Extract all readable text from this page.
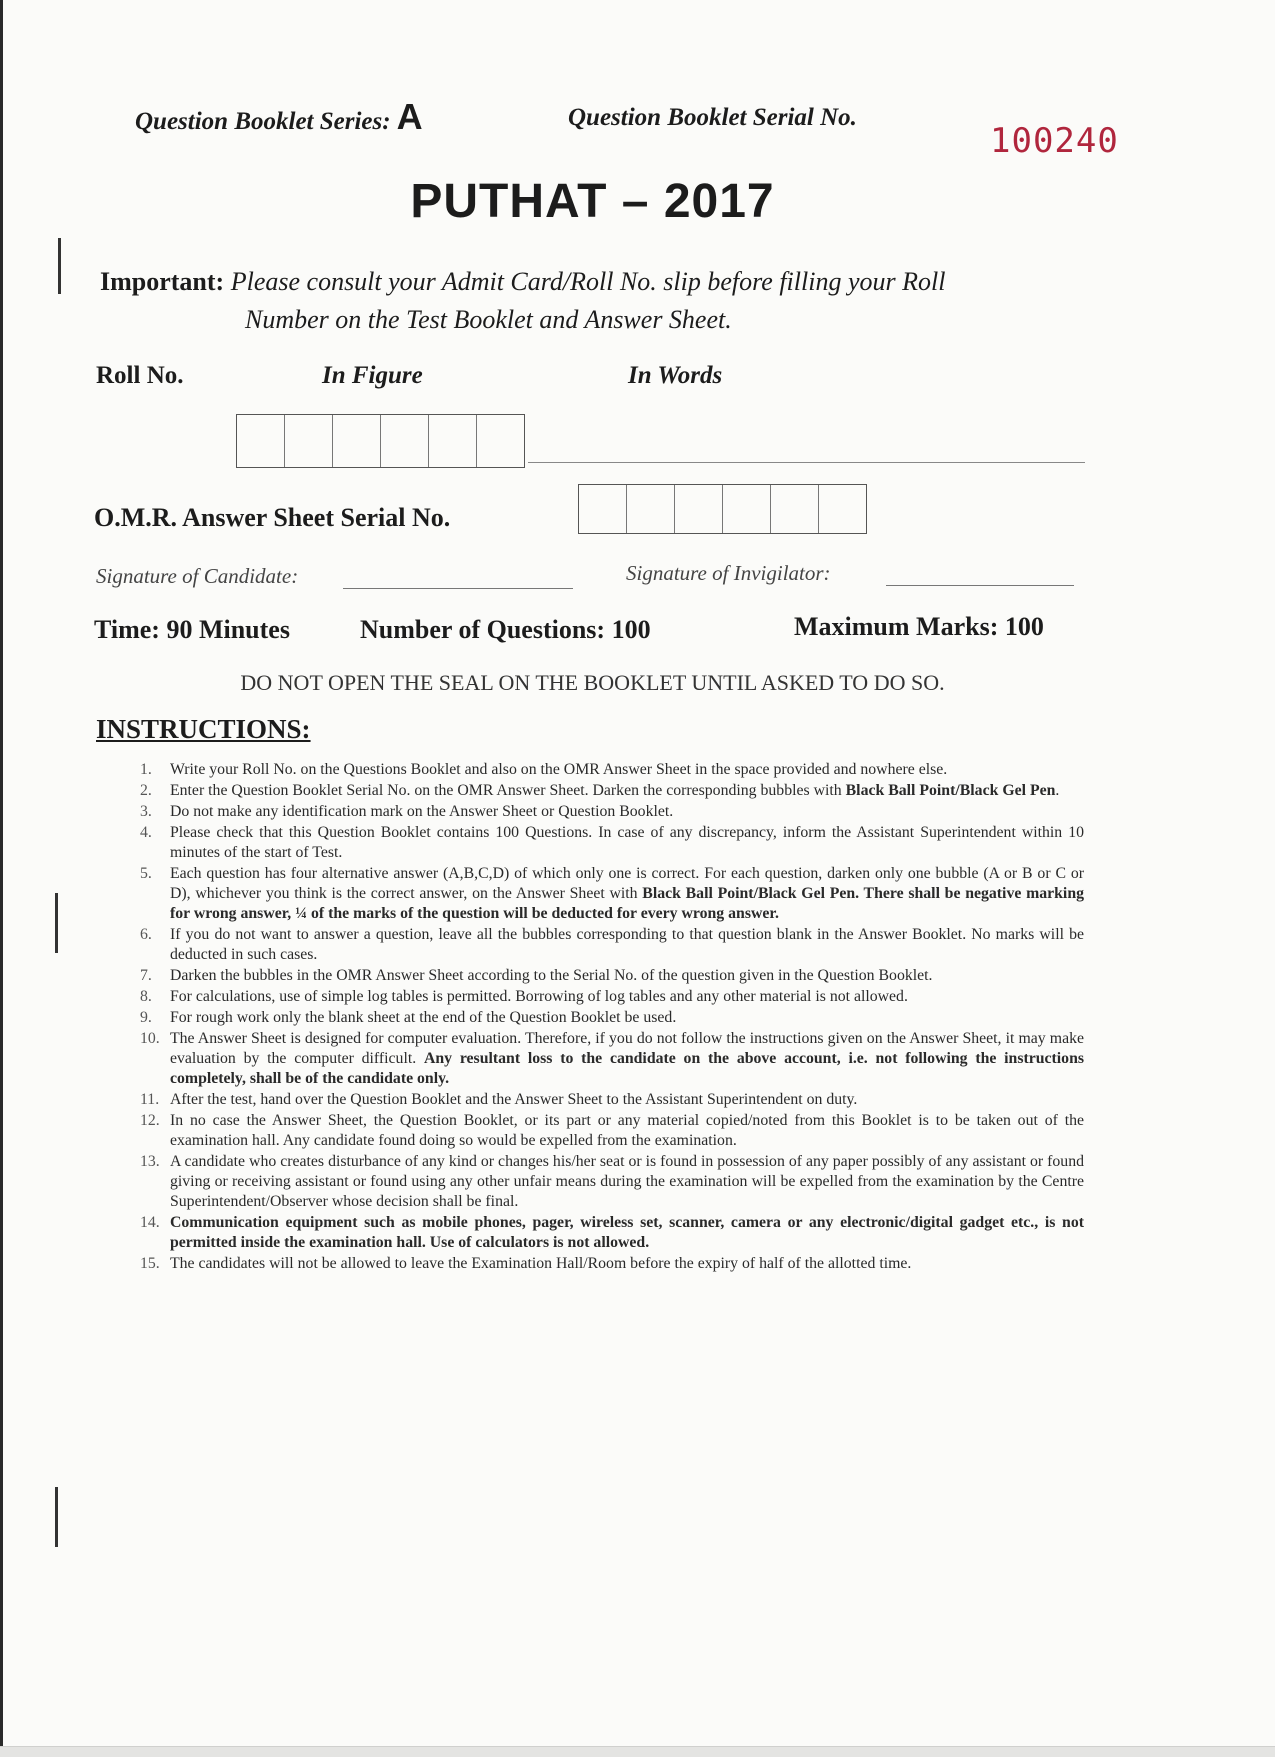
Question Booklet Series: A	Question Booklet Serial No.
100240
PUTHAT – 2017
Important: Please consult your Admit Card/Roll No. slip before filling your Roll
Number on the Test Booklet and Answer Sheet.
Roll No.	In Figure	In Words
O.M.R. Answer Sheet Serial No.
Signature of Candidate:	Signature of Invigilator:
Time: 90 Minutes	Number of Questions: 100	Maximum Marks: 100
DO NOT OPEN THE SEAL ON THE BOOKLET UNTIL ASKED TO DO SO.
INSTRUCTIONS:
1.	Write your Roll No. on the Questions Booklet and also on the OMR Answer Sheet in the space provided and nowhere else.
2.	Enter the Question Booklet Serial No. on the OMR Answer Sheet. Darken the corresponding bubbles with Black Ball Point/Black Gel Pen.
3.	Do not make any identification mark on the Answer Sheet or Question Booklet.
4.	Please check that this Question Booklet contains 100 Questions. In case of any discrepancy, inform the Assistant Superintendent within 10 minutes of the start of Test.
5.	Each question has four alternative answer (A,B,C,D) of which only one is correct. For each question, darken only one bubble (A or B or C or D), whichever you think is the correct answer, on the Answer Sheet with Black Ball Point/Black Gel Pen. There shall be negative marking for wrong answer, ¼ of the marks of the question will be deducted for every wrong answer.
6.	If you do not want to answer a question, leave all the bubbles corresponding to that question blank in the Answer Booklet. No marks will be deducted in such cases.
7.	Darken the bubbles in the OMR Answer Sheet according to the Serial No. of the question given in the Question Booklet.
8.	For calculations, use of simple log tables is permitted. Borrowing of log tables and any other material is not allowed.
9.	For rough work only the blank sheet at the end of the Question Booklet be used.
10. The Answer Sheet is designed for computer evaluation. Therefore, if you do not follow the instructions given on the Answer Sheet, it may make evaluation by the computer difficult. Any resultant loss to the candidate on the above account, i.e. not following the instructions completely, shall be of the candidate only.
11. After the test, hand over the Question Booklet and the Answer Sheet to the Assistant Superintendent on duty.
12. In no case the Answer Sheet, the Question Booklet, or its part or any material copied/noted from this Booklet is to be taken out of the examination hall. Any candidate found doing so would be expelled from the examination.
13. A candidate who creates disturbance of any kind or changes his/her seat or is found in possession of any paper possibly of any assistant or found giving or receiving assistant or found using any other unfair means during the examination will be expelled from the examination by the Centre Superintendent/Observer whose decision shall be final.
14. Communication equipment such as mobile phones, pager, wireless set, scanner, camera or any electronic/digital gadget etc., is not permitted inside the examination hall. Use of calculators is not allowed.
15. The candidates will not be allowed to leave the Examination Hall/Room before the expiry of half of the allotted time.
